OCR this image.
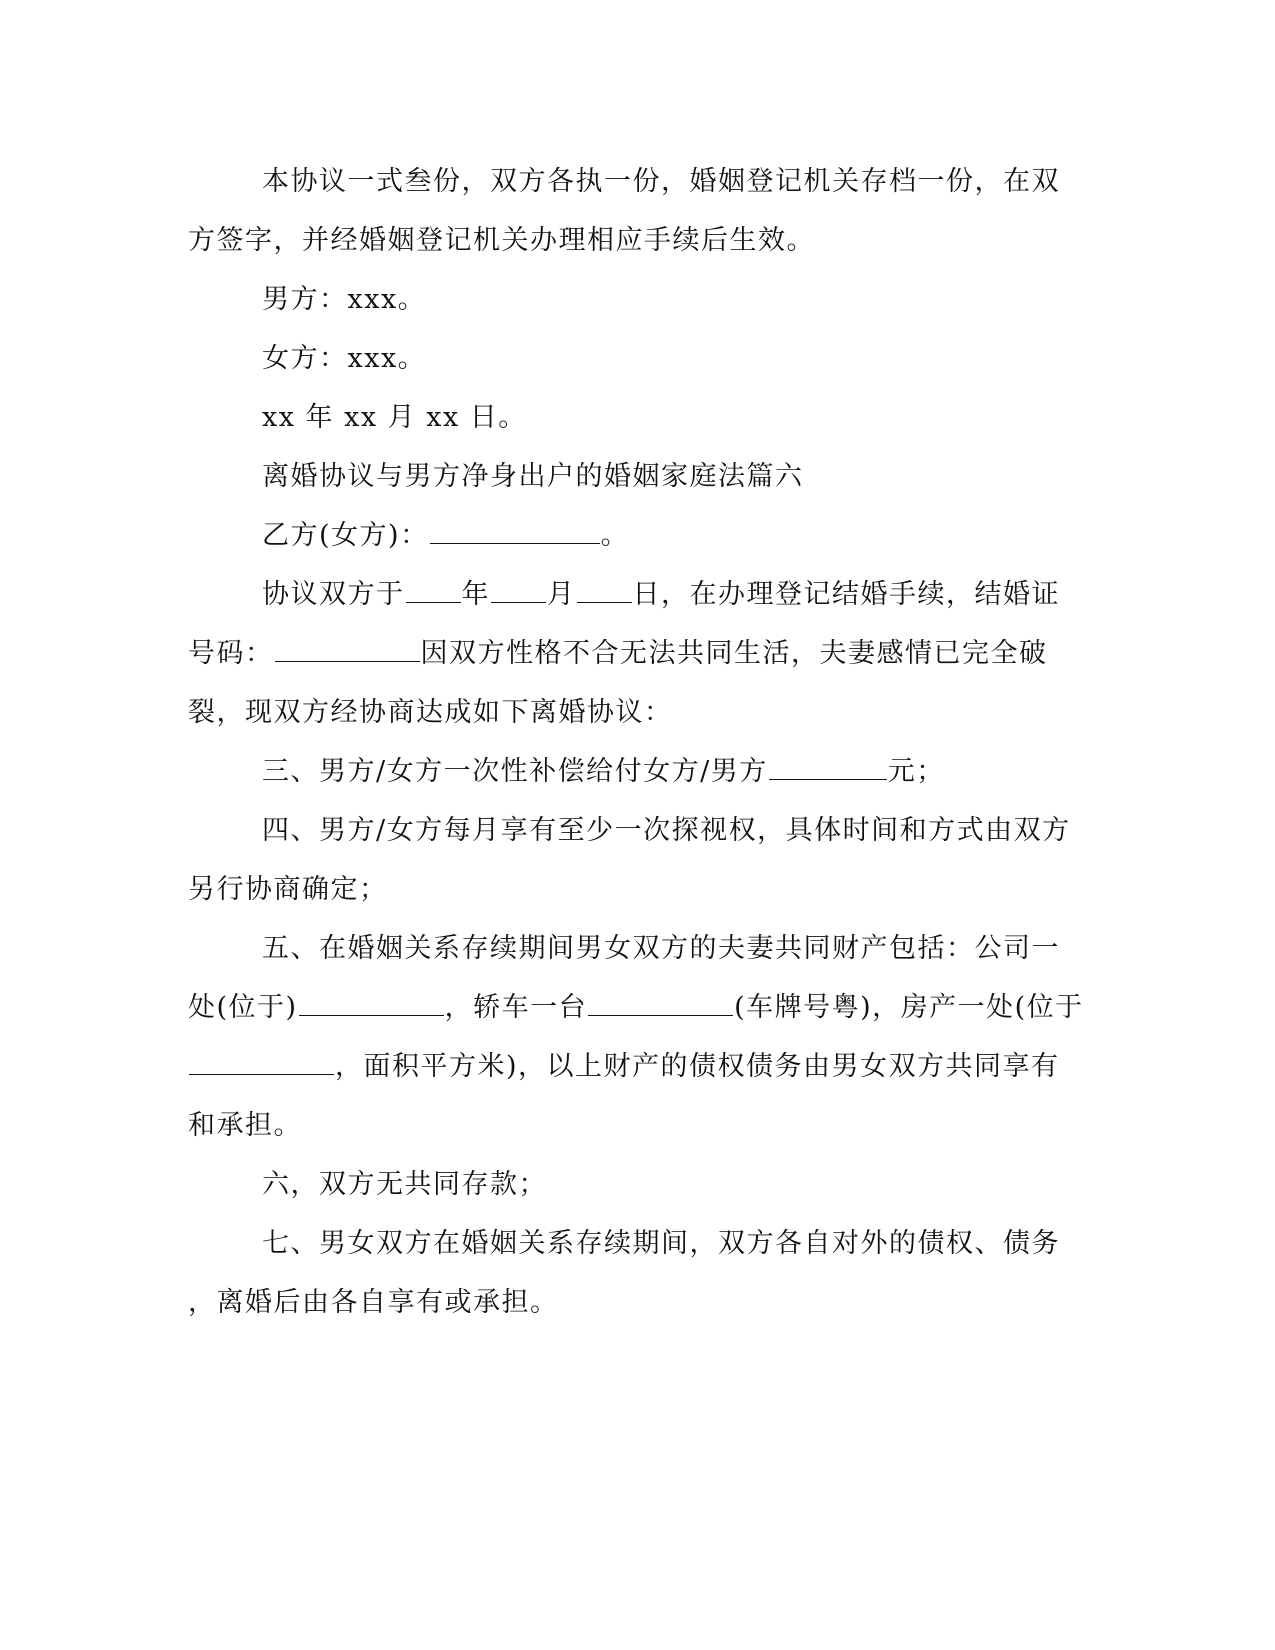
本协议一式叁份，双方各执一份，婚姻登记机关存档一份，在双
方签字，并经婚姻登记机关办理相应手续后生效。
男方：xxx。
女方：xxx。
xx 年 xx 月 xx 日。
离婚协议与男方净身出户的婚姻家庭法篇六
乙方(女方)：	。
协议双方于 年 月 日，在办理登记结婚手续，结婚证
号码：	因双方性格不合无法共同生活，夫妻感情已完全破
裂，现双方经协商达成如下离婚协议：
三、男方/女方一次性补偿给付女方/男方	元；
四、男方/女方每月享有至少一次探视权，具体时间和方式由双方
另行协商确定；
五、在婚姻关系存续期间男女双方的夫妻共同财产包括：公司一
处(位于)	，轿车一台	(车牌号粤)，房产一处(位于
，面积平方米)，以上财产的债权债务由男女双方共同享有
和承担。
六，双方无共同存款；
七、男女双方在婚姻关系存续期间，双方各自对外的债权、债务
，离婚后由各自享有或承担。
